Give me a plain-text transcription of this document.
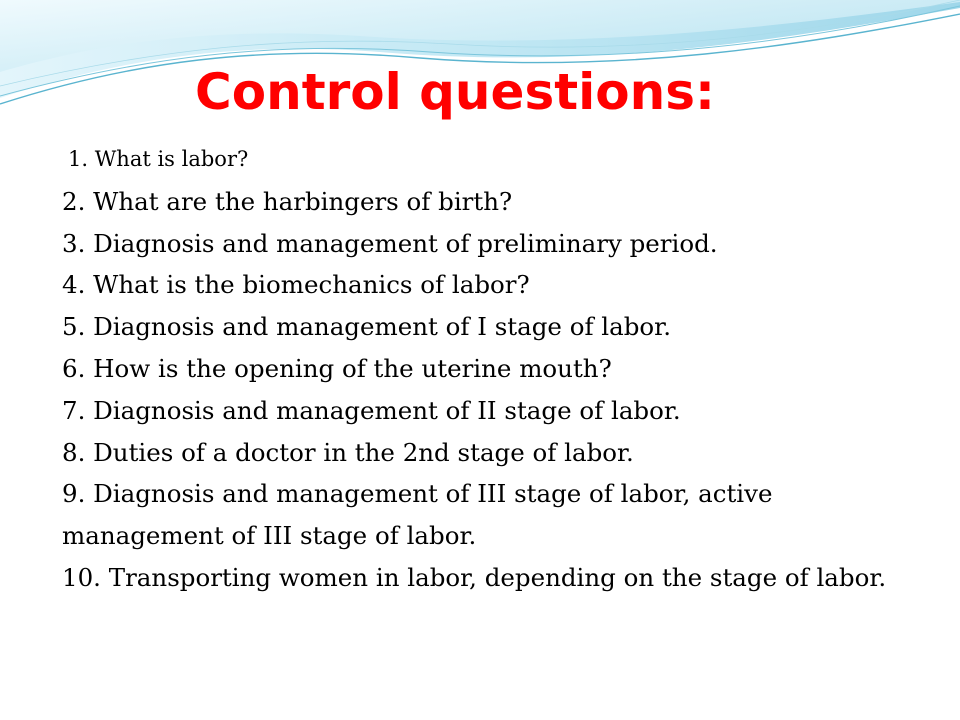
Control questions:
1. What is labor?
2. What are the harbingers of birth?
3. Diagnosis and management of preliminary period.
4. What is the biomechanics of labor?
5. Diagnosis and management of I stage of labor.
6. How is the opening of the uterine mouth?
7. Diagnosis and management of II stage of labor.
8. Duties of a doctor in the 2nd stage of labor.
9. Diagnosis and management of III stage of labor, active management of III stage of labor.
10. Transporting women in labor, depending on the stage of labor.
